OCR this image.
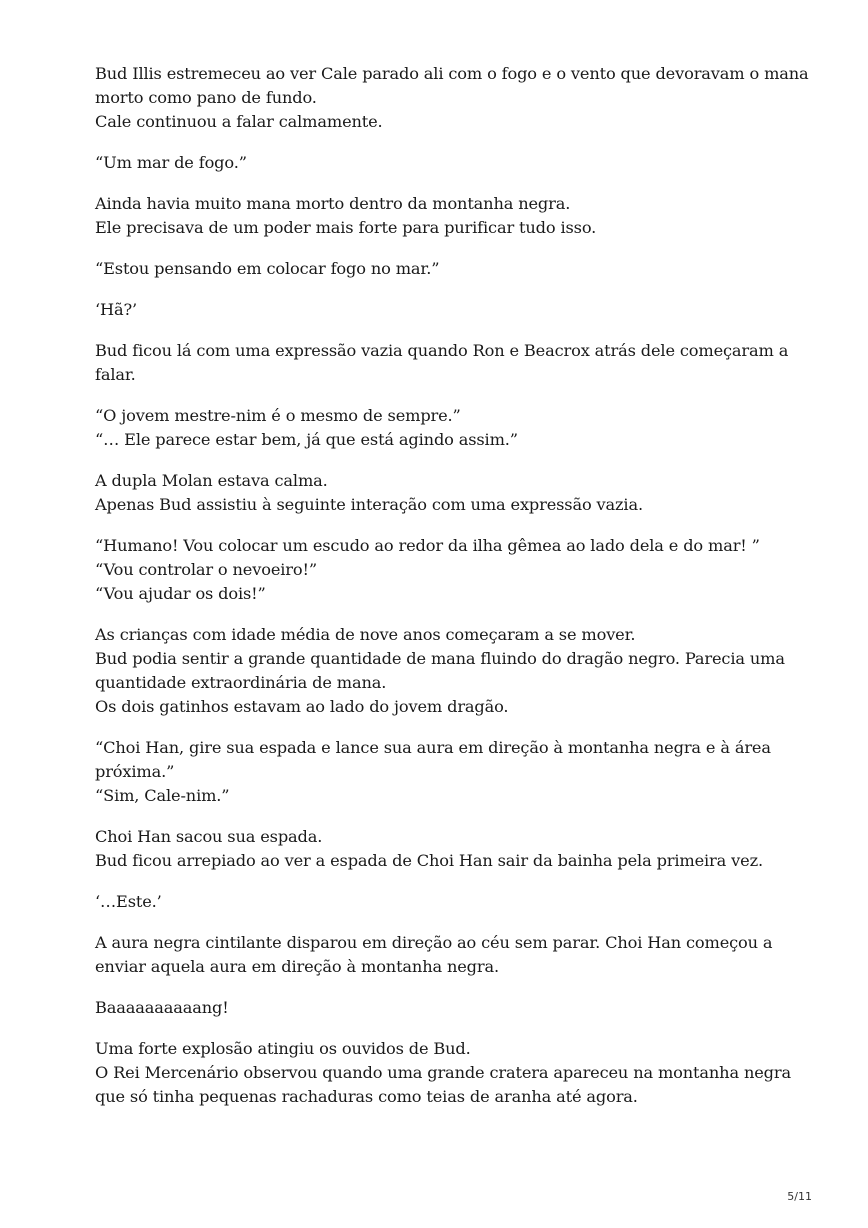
Bud Illis estremeceu ao ver Cale parado ali com o fogo e o vento que devoravam o mana
morto como pano de fundo.
Cale continuou a falar calmamente.
“Um mar de fogo.”
Ainda havia muito mana morto dentro da montanha negra.
Ele precisava de um poder mais forte para purificar tudo isso.
“Estou pensando em colocar fogo no mar.”
‘Hã?’
Bud ficou lá com uma expressão vazia quando Ron e Beacrox atrás dele começaram a
falar.
“O jovem mestre-nim é o mesmo de sempre.”
“… Ele parece estar bem, já que está agindo assim.”
A dupla Molan estava calma.
Apenas Bud assistiu à seguinte interação com uma expressão vazia.
“Humano! Vou colocar um escudo ao redor da ilha gêmea ao lado dela e do mar! ”
“Vou controlar o nevoeiro!”
“Vou ajudar os dois!”
As crianças com idade média de nove anos começaram a se mover.
Bud podia sentir a grande quantidade de mana fluindo do dragão negro. Parecia uma
quantidade extraordinária de mana.
Os dois gatinhos estavam ao lado do jovem dragão.
“Choi Han, gire sua espada e lance sua aura em direção à montanha negra e à área
próxima.”
“Sim, Cale-nim.”
Choi Han sacou sua espada.
Bud ficou arrepiado ao ver a espada de Choi Han sair da bainha pela primeira vez.
‘…Este.’
A aura negra cintilante disparou em direção ao céu sem parar. Choi Han começou a
enviar aquela aura em direção à montanha negra.
Baaaaaaaaaang!
Uma forte explosão atingiu os ouvidos de Bud.
O Rei Mercenário observou quando uma grande cratera apareceu na montanha negra
que só tinha pequenas rachaduras como teias de aranha até agora.
5/11
